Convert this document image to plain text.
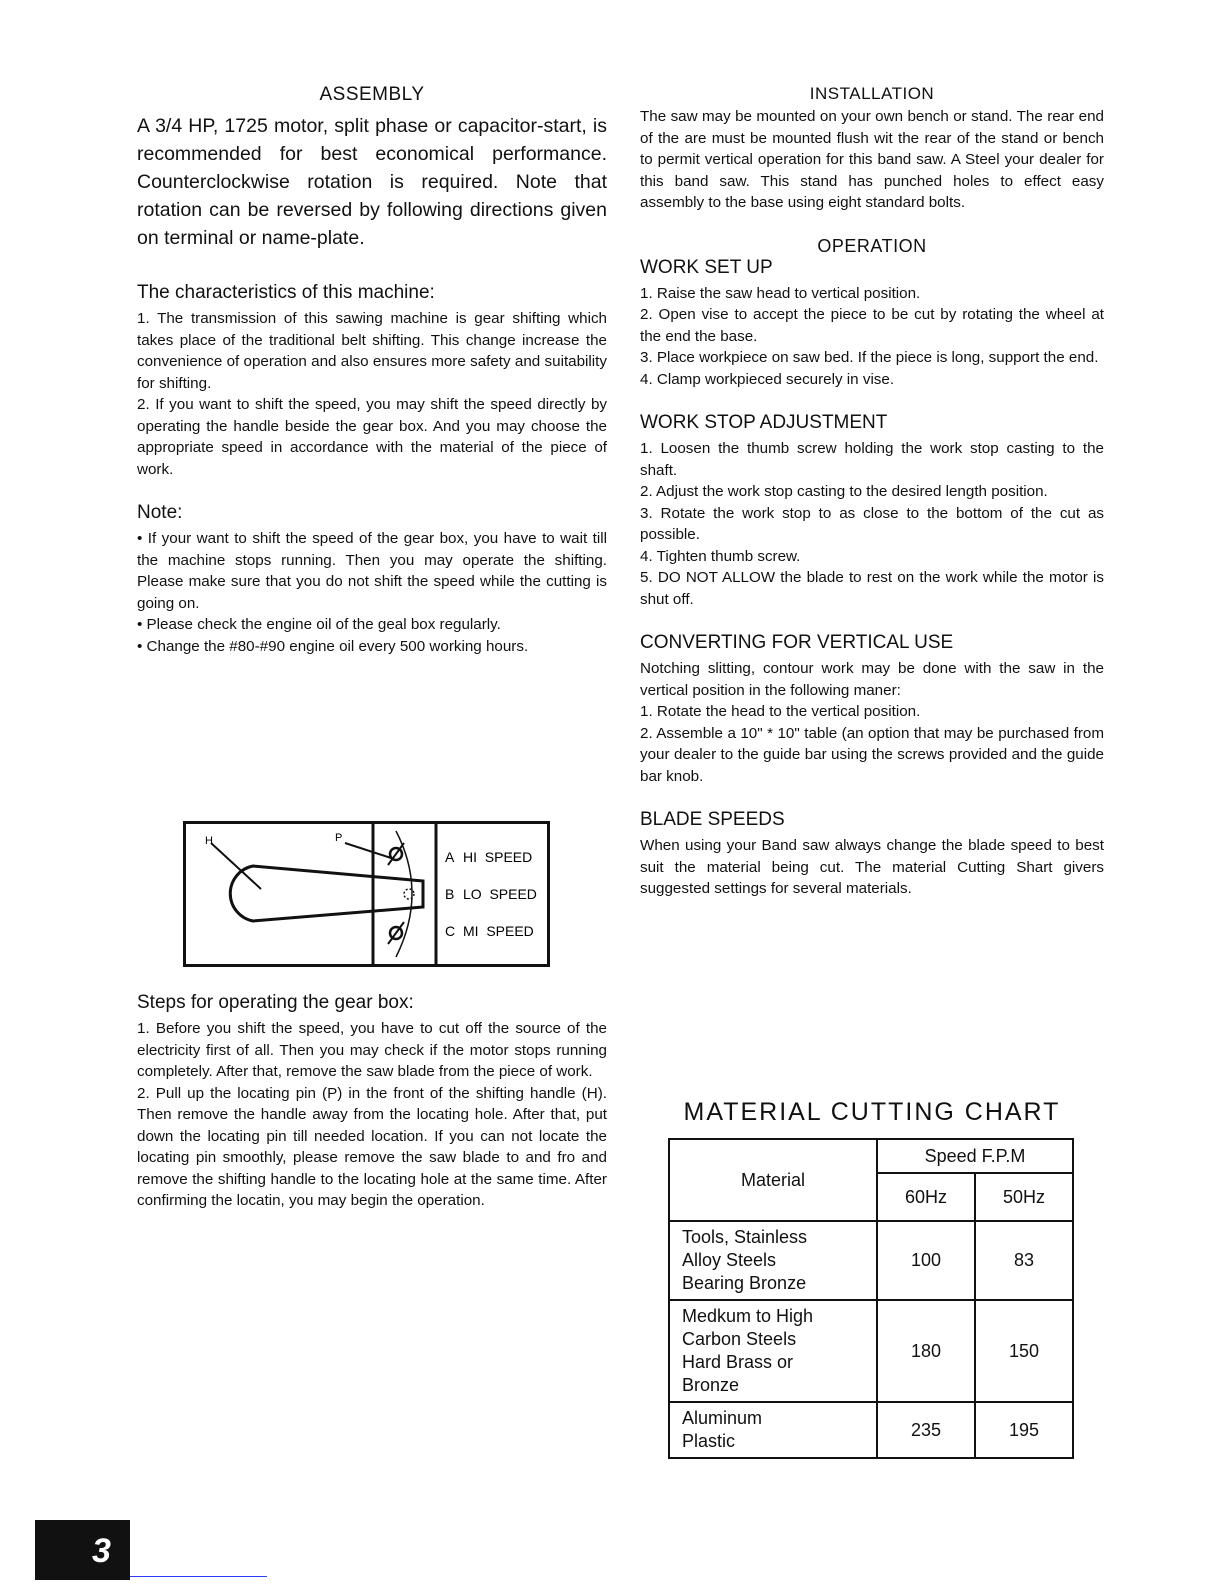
ASSEMBLY

A 3/4 HP, 1725 motor, split phase or capacitor-start, is recommended for best economical performance. Counterclockwise rotation is required. Note that rotation can be reversed by following directions given on terminal or name-plate.

The characteristics of this machine:

1. The transmission of this sawing machine is gear shifting which takes place of the traditional belt shifting. This change increase the convenience of operation and also ensures more safety and suitability for shifting.

2. If you want to shift the speed, you may shift the speed directly by operating the handle beside the gear box. And you may choose the appropriate speed in accordance with the material of the piece of work.

Note:

• If your want to shift the speed of the gear box, you have to wait till the machine stops running. Then you may operate the shifting. Please make sure that you do not shift the speed while the cutting is going on.

• Please check the engine oil of the geal box regularly.

• Change the #80-#90 engine oil every 500 working hours.

H	P
A HI  SPEED
B LO  SPEED
C MI  SPEED
Steps for operating the gear box:

1. Before you shift the speed, you have to cut off the source of the electricity first of all. Then you may check if the motor stops running completely. After that, remove the saw blade from the piece of work.

2. Pull up the locating pin (P) in the front of the shifting handle (H). Then remove the handle away from the locating hole. After that, put down the locating pin till needed location. If you can not locate the locating pin smoothly, please remove the saw blade to and fro and remove the shifting handle to the locating hole at the same time. After confirming the locatin, you may begin the operation.

INSTALLATION

The saw may be mounted on your own bench or stand. The rear end of the are must be mounted flush wit the rear of the stand or bench to permit vertical operation for this band saw. A Steel your dealer for this band saw. This stand has punched holes to effect easy assembly to the base using eight standard bolts.

OPERATION
WORK SET UP

1. Raise the saw head to vertical position.

2. Open vise to accept the piece to be cut by rotating the wheel at the end the base.

3. Place workpiece on saw bed. If the piece is long, support the end.

4. Clamp workpieced securely in vise.

WORK STOP ADJUSTMENT

1. Loosen the thumb screw holding the work stop casting to the shaft.

2. Adjust the work stop casting to the desired length position.

3. Rotate the work stop to as close to the bottom of the cut as possible.

4. Tighten thumb screw.

5. DO NOT ALLOW the blade to rest on the work while the motor is shut off.

CONVERTING FOR VERTICAL USE

Notching slitting, contour work may be done with the saw in the vertical position in the following maner:

1. Rotate the head to the vertical position.

2. Assemble a 10" * 10" table (an option that may be purchased from your dealer to the guide bar using the screws provided and the guide bar knob.

BLADE SPEEDS

When using your Band saw always change the blade speed to best suit the material being cut. The material Cutting Shart givers suggested settings for several materials.

MATERIAL CUTTING CHART
Material	Speed F.P.M	
	60Hz	50Hz

Tools, Stainless
Alloy Steels
Bearing Bronze	100	83

Medkum to High
Carbon Steels
Hard Brass or
Bronze	180	150

Aluminum
Plastic	235	195
3
